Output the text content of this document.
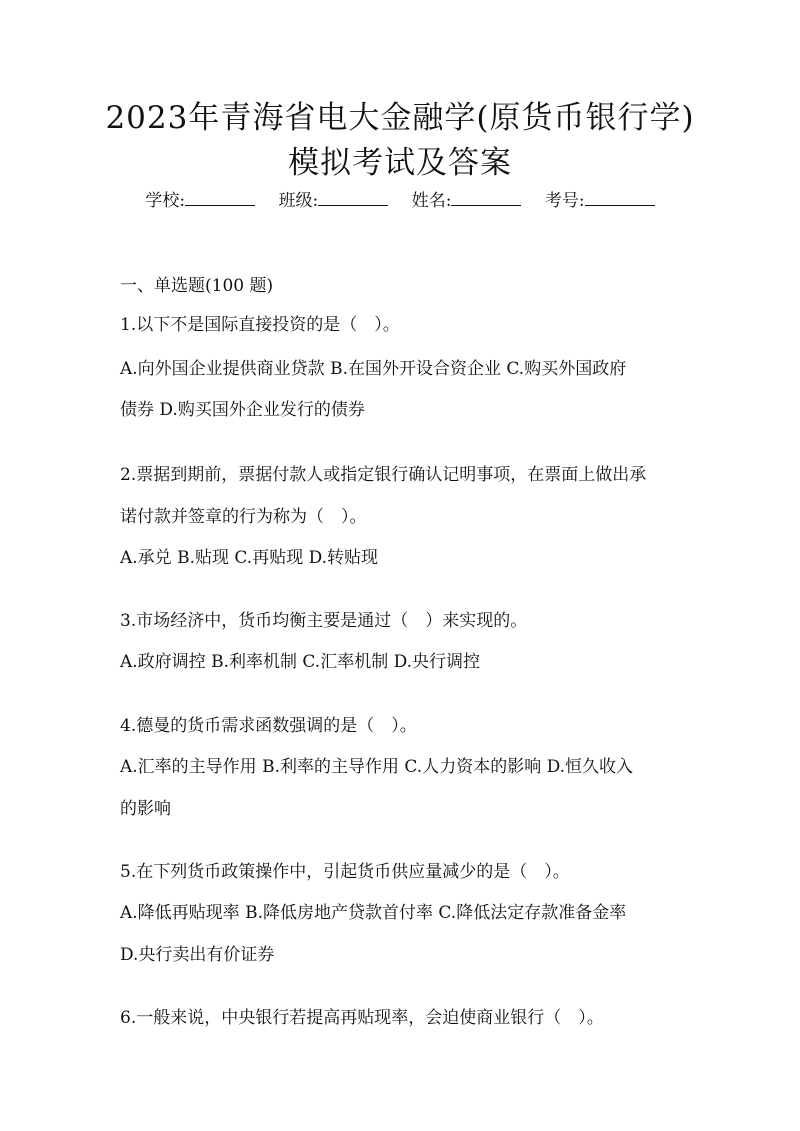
2023年青海省电大金融学(原货币银行学)
模拟考试及答案
学校:	班级:	姓名:	考号:
一、单选题(100 题)
1.以下不是国际直接投资的是（　）。
A.向外国企业提供商业贷款 B.在国外开设合资企业 C.购买外国政府
债券 D.购买国外企业发行的债券
2.票据到期前，票据付款人或指定银行确认记明事项，在票面上做出承
诺付款并签章的行为称为（　）。
A.承兑 B.贴现 C.再贴现 D.转贴现
3.市场经济中，货币均衡主要是通过（　）来实现的。
A.政府调控 B.利率机制 C.汇率机制 D.央行调控
4.德曼的货币需求函数强调的是（　）。
A.汇率的主导作用 B.利率的主导作用 C.人力资本的影响 D.恒久收入
的影响
5.在下列货币政策操作中，引起货币供应量减少的是（　）。
A.降低再贴现率 B.降低房地产贷款首付率 C.降低法定存款准备金率
D.央行卖出有价证券
6.一般来说，中央银行若提高再贴现率，会迫使商业银行（　）。
